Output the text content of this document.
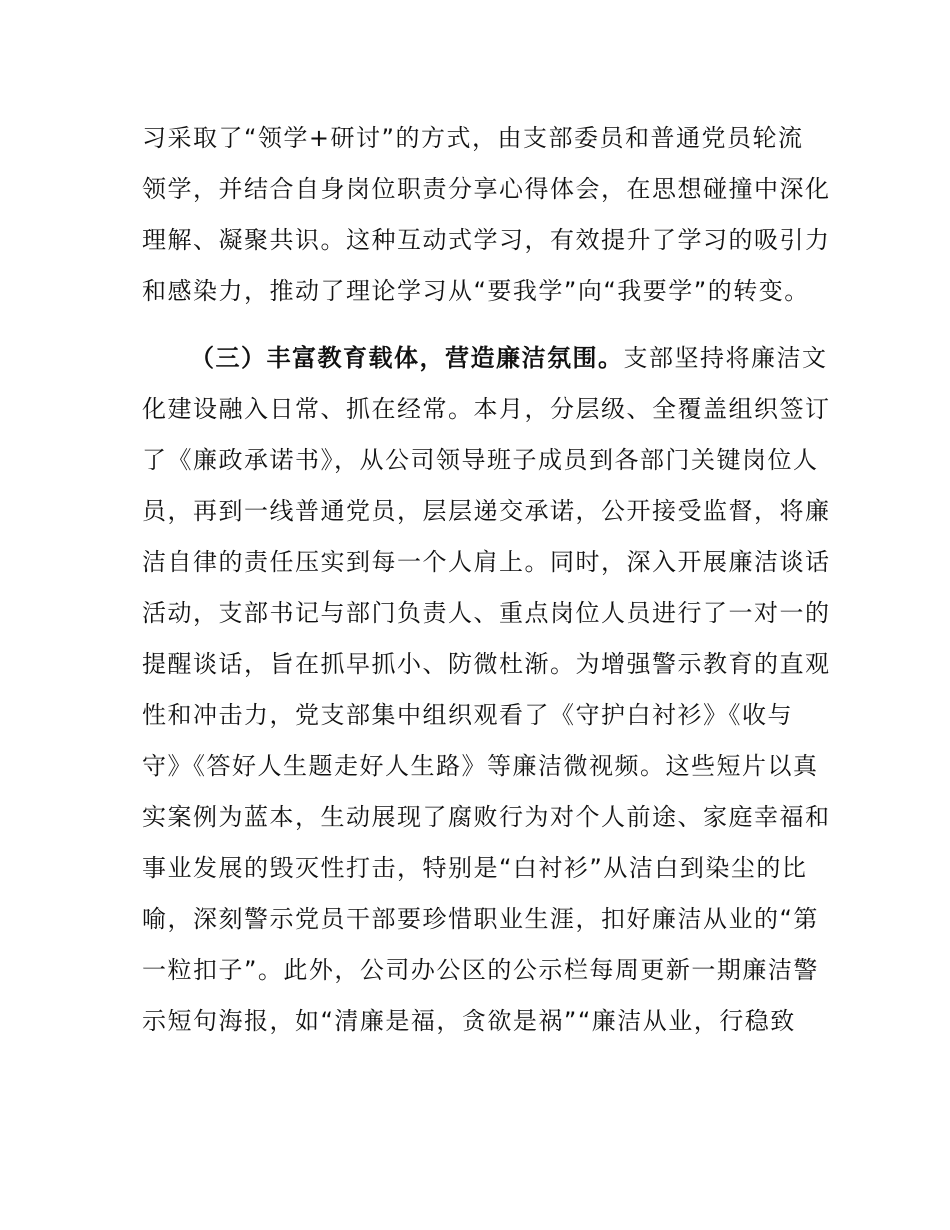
习采取了“领学+研讨”的方式，由支部委员和普通党员轮流
领学，并结合自身岗位职责分享心得体会，在思想碰撞中深化
理解、凝聚共识。这种互动式学习，有效提升了学习的吸引力
和感染力，推动了理论学习从“要我学”向“我要学”的转变。
（三）丰富教育载体，营造廉洁氛围。支部坚持将廉洁文
化建设融入日常、抓在经常。本月，分层级、全覆盖组织签订
了《廉政承诺书》，从公司领导班子成员到各部门关键岗位人
员，再到一线普通党员，层层递交承诺，公开接受监督，将廉
洁自律的责任压实到每一个人肩上。同时，深入开展廉洁谈话
活动，支部书记与部门负责人、重点岗位人员进行了一对一的
提醒谈话，旨在抓早抓小、防微杜渐。为增强警示教育的直观
性和冲击力，党支部集中组织观看了《守护白衬衫》《收与
守》《答好人生题走好人生路》等廉洁微视频。这些短片以真
实案例为蓝本，生动展现了腐败行为对个人前途、家庭幸福和
事业发展的毁灭性打击，特别是“白衬衫”从洁白到染尘的比
喻，深刻警示党员干部要珍惜职业生涯，扣好廉洁从业的“第
一粒扣子”。此外，公司办公区的公示栏每周更新一期廉洁警
示短句海报，如“清廉是福，贪欲是祸”“廉洁从业，行稳致
